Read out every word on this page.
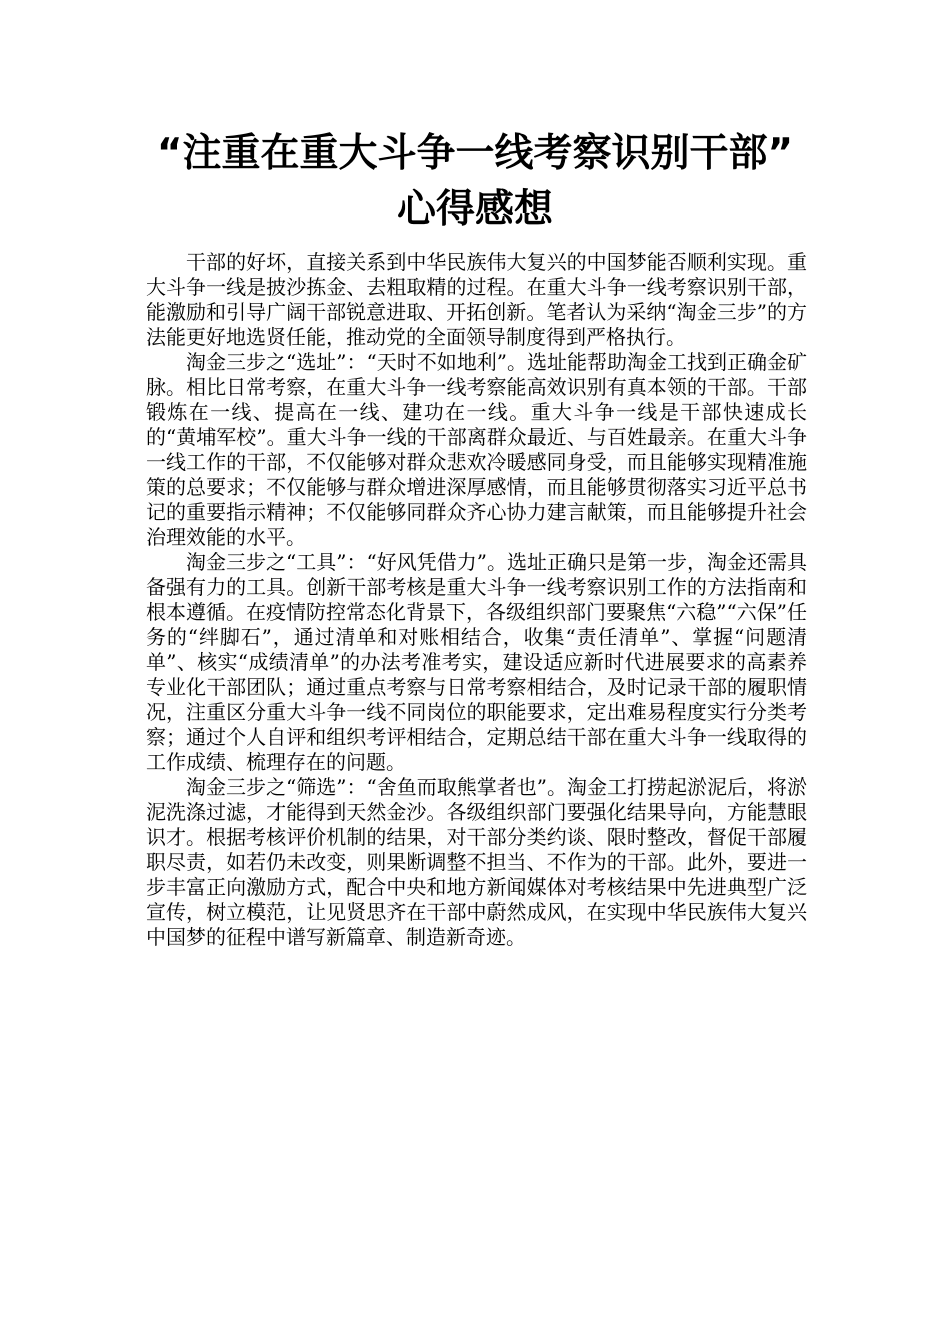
“注重在重大斗争一线考察识别干部”
心得感想

干部的好坏，直接关系到中华民族伟大复兴的中国梦能否顺利实现。重大斗争一线是披沙拣金、去粗取精的过程。在重大斗争一线考察识别干部，能激励和引导广阔干部锐意进取、开拓创新。笔者认为采纳“淘金三步”的方法能更好地选贤任能，推动党的全面领导制度得到严格执行。

淘金三步之“选址”：“天时不如地利”。选址能帮助淘金工找到正确金矿脉。相比日常考察，在重大斗争一线考察能高效识别有真本领的干部。干部锻炼在一线、提高在一线、建功在一线。重大斗争一线是干部快速成长的“黄埔军校”。重大斗争一线的干部离群众最近、与百姓最亲。在重大斗争一线工作的干部，不仅能够对群众悲欢冷暖感同身受，而且能够实现精准施策的总要求；不仅能够与群众增进深厚感情，而且能够贯彻落实习近平总书记的重要指示精神；不仅能够同群众齐心协力建言献策，而且能够提升社会治理效能的水平。

淘金三步之“工具”：“好风凭借力”。选址正确只是第一步，淘金还需具备强有力的工具。创新干部考核是重大斗争一线考察识别工作的方法指南和根本遵循。在疫情防控常态化背景下，各级组织部门要聚焦“六稳”“六保”任务的“绊脚石”，通过清单和对账相结合，收集“责任清单”、掌握“问题清单”、核实“成绩清单”的办法考准考实，建设适应新时代进展要求的高素养专业化干部团队；通过重点考察与日常考察相结合，及时记录干部的履职情况，注重区分重大斗争一线不同岗位的职能要求，定出难易程度实行分类考察；通过个人自评和组织考评相结合，定期总结干部在重大斗争一线取得的工作成绩、梳理存在的问题。

淘金三步之“筛选”：“舍鱼而取熊掌者也”。淘金工打捞起淤泥后，将淤泥洗涤过滤，才能得到天然金沙。各级组织部门要强化结果导向，方能慧眼识才。根据考核评价机制的结果，对干部分类约谈、限时整改，督促干部履职尽责，如若仍未改变，则果断调整不担当、不作为的干部。此外，要进一步丰富正向激励方式，配合中央和地方新闻媒体对考核结果中先进典型广泛宣传，树立模范，让见贤思齐在干部中蔚然成风，在实现中华民族伟大复兴中国梦的征程中谱写新篇章、制造新奇迹。
